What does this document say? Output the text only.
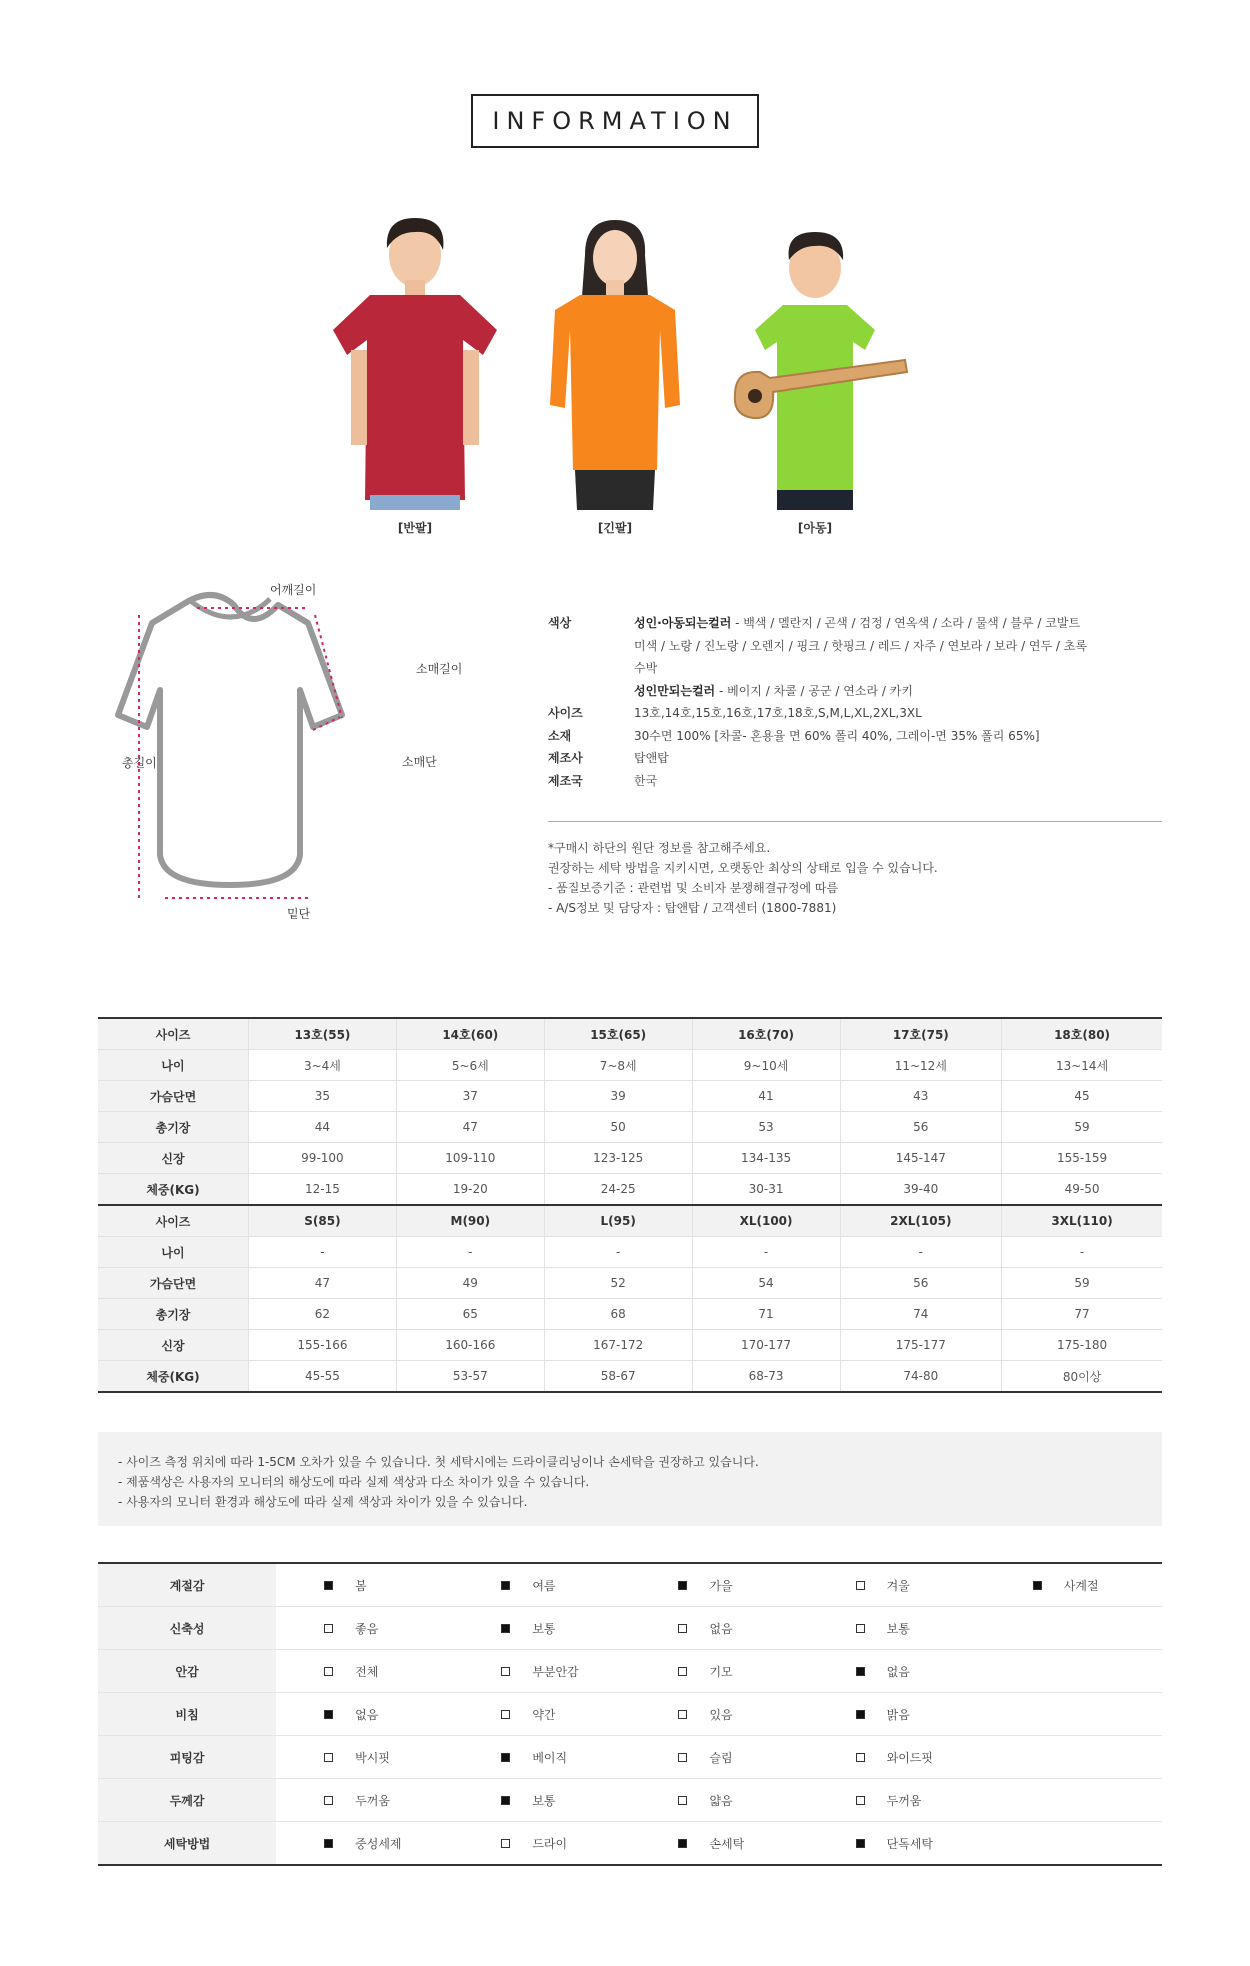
INFORMATION
[반팔]	[긴팔]	[아동]
어깨길이
소매길이
총길이	소매단
밑단
색상	성인·아동되는컬러 - 백색 / 멜란지 / 곤색 / 검정 / 연옥색 / 소라 / 물색 / 블루 / 코발트
미색 / 노랑 / 진노랑 / 오렌지 / 핑크 / 핫핑크 / 레드 / 자주 / 연보라 / 보라 / 연두 / 초록
수박
성인만되는컬러 - 베이지 / 차콜 / 공군 / 연소라 / 카키
사이즈	13호,14호,15호,16호,17호,18호,S,M,L,XL,2XL,3XL
소재	30수면 100% [차콜- 혼용율 면 60% 폴리 40%, 그레이-면 35% 폴리 65%]
제조사	탑앤탑
제조국	한국
*구매시 하단의 원단 정보를 참고해주세요.
권장하는 세탁 방법을 지키시면, 오랫동안 최상의 상태로 입을 수 있습니다.
- 품질보증기준 : 관련법 및 소비자 분쟁해결규정에 따름
- A/S정보 및 담당자 : 탑앤탑 / 고객센터 (1800-7881)
사이즈	13호(55)	14호(60)	15호(65)	16호(70)	17호(75)	18호(80)
나이	3~4세	5~6세	7~8세	9~10세	11~12세	13~14세
가슴단면	35	37	39	41	43	45
총기장	44	47	50	53	56	59
신장	99-100	109-110	123-125	134-135	145-147	155-159
체중(KG)	12-15	19-20	24-25	30-31	39-40	49-50
사이즈	S(85)	M(90)	L(95)	XL(100)	2XL(105)	3XL(110)
나이	-	-	-	-	-	-
가슴단면	47	49	52	54	56	59
총기장	62	65	68	71	74	77
신장	155-166	160-166	167-172	170-177	175-177	175-180
체중(KG)	45-55	53-57	58-67	68-73	74-80	80이상
- 사이즈 측정 위치에 따라 1-5CM 오차가 있을 수 있습니다. 첫 세탁시에는 드라이클리닝이나 손세탁을 권장하고 있습니다.
- 제품색상은 사용자의 모니터의 해상도에 따라 실제 색상과 다소 차이가 있을 수 있습니다.
- 사용자의 모니터 환경과 해상도에 따라 실제 색상과 차이가 있을 수 있습니다.
계절감	봄	여름	가을	겨울	사계절

신축성	좋음	보통	없음	보통	

안감	전체	부분안감	기모	없음	

비침	없음	약간	있음	밝음	

피팅감	박시핏	베이직	슬림	와이드핏	

두께감	두꺼움	보통	얇음	두꺼움	

세탁방법	중성세제	드라이	손세탁	단독세탁	
